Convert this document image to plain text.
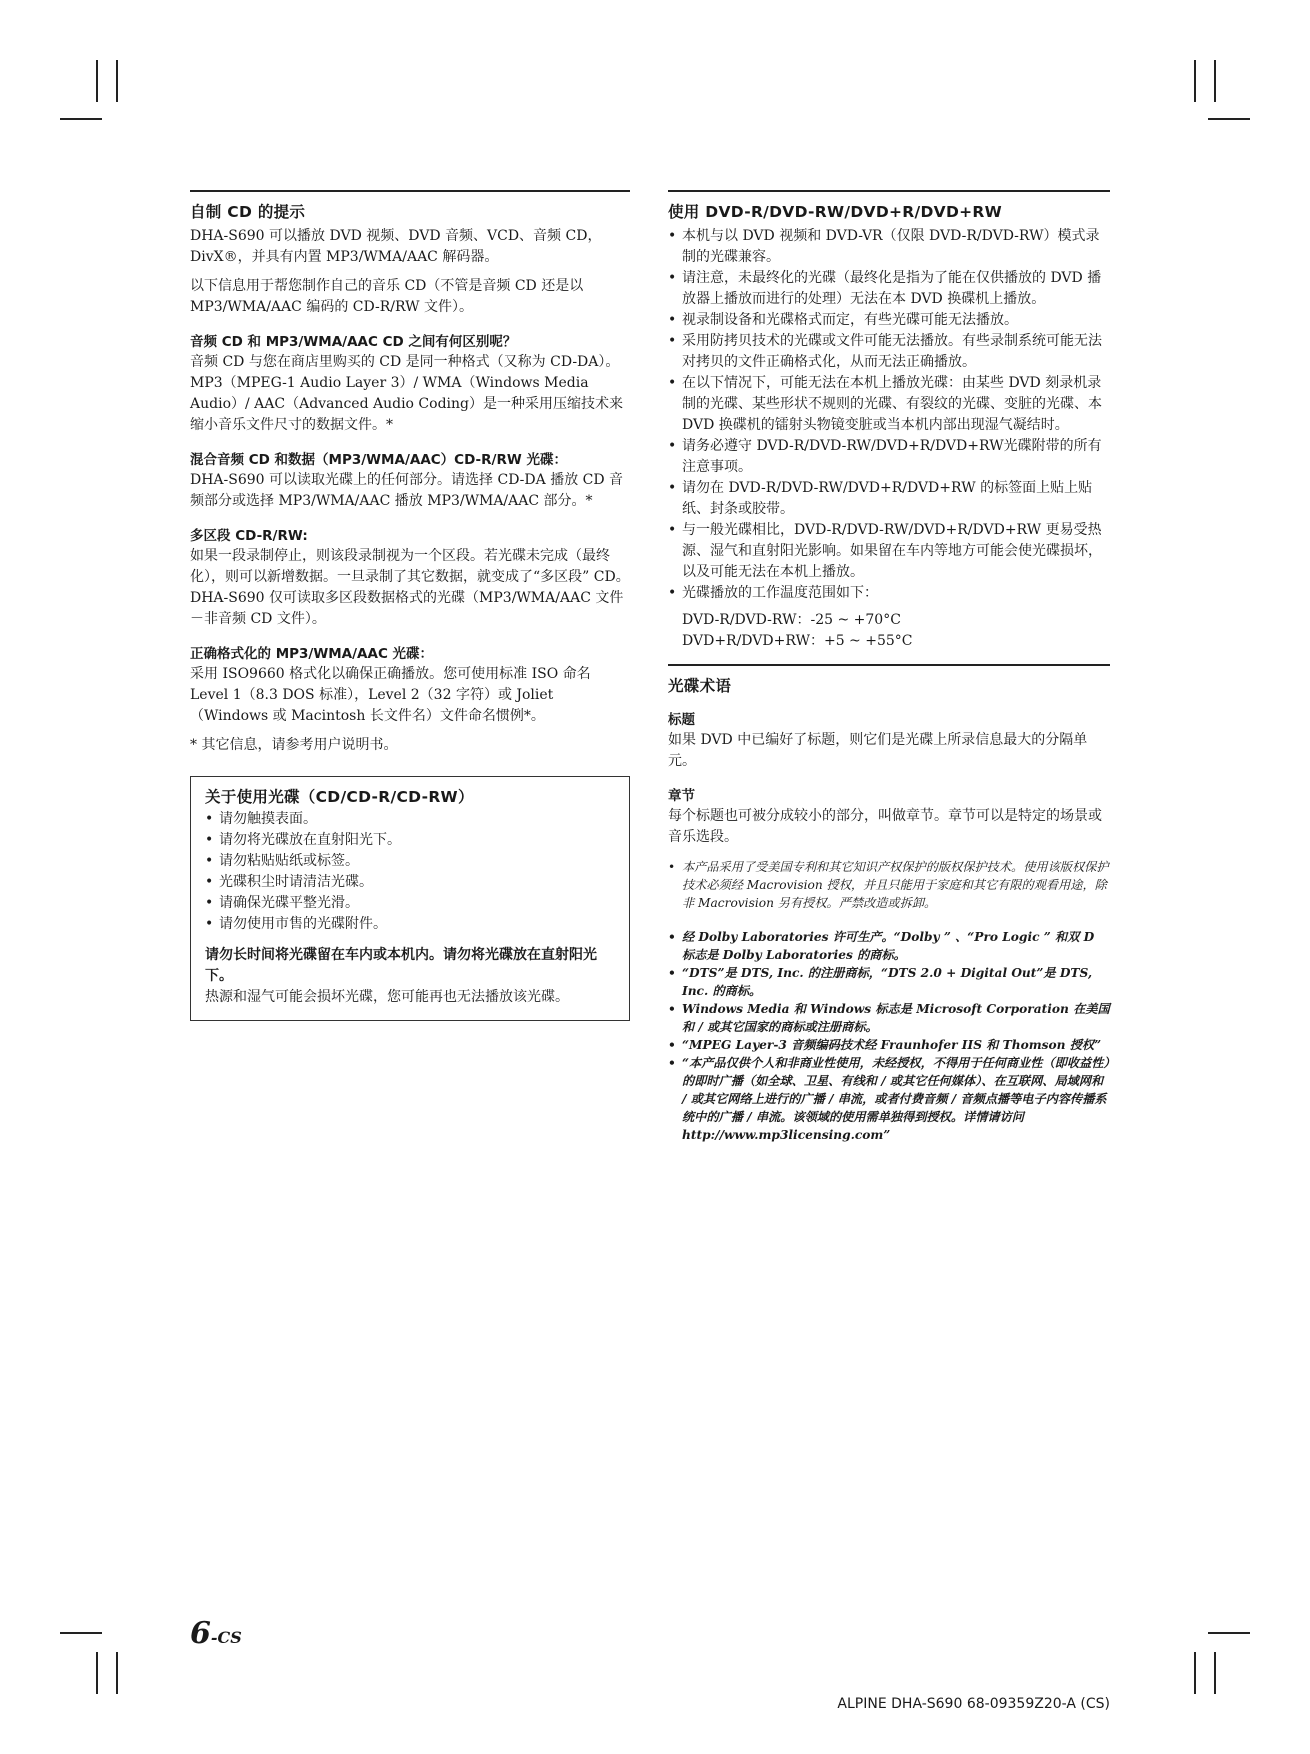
自制 CD 的提示

DHA-S690 可以播放 DVD 视频、DVD 音频、VCD、音频 CD，DivX®，并具有内置 MP3/WMA/AAC 解码器。

以下信息用于帮您制作自己的音乐 CD（不管是音频 CD 还是以 MP3/WMA/AAC 编码的 CD-R/RW 文件）。

音频 CD 和 MP3/WMA/AAC CD 之间有何区别呢？

音频 CD 与您在商店里购买的 CD 是同一种格式（又称为 CD-DA）。MP3（MPEG-1 Audio Layer 3）/ WMA（Windows Media Audio）/ AAC（Advanced Audio Coding）是一种采用压缩技术来缩小音乐文件尺寸的数据文件。*

混合音频 CD 和数据（MP3/WMA/AAC）CD-R/RW 光碟：

DHA-S690 可以读取光碟上的任何部分。请选择 CD-DA 播放 CD 音频部分或选择 MP3/WMA/AAC 播放 MP3/WMA/AAC 部分。*

多区段 CD-R/RW:

如果一段录制停止，则该段录制视为一个区段。若光碟未完成（最终化），则可以新增数据。一旦录制了其它数据，就变成了“多区段” CD。DHA-S690 仅可读取多区段数据格式的光碟（MP3/WMA/AAC 文件－非音频 CD 文件）。

正确格式化的 MP3/WMA/AAC 光碟：

采用 ISO9660 格式化以确保正确播放。您可使用标准 ISO 命名 Level 1（8.3 DOS 标准），Level 2（32 字符）或 Joliet（Windows 或 Macintosh 长文件名）文件命名惯例*。

* 其它信息，请参考用户说明书。

关于使用光碟（CD/CD-R/CD-RW）
• 请勿触摸表面。
• 请勿将光碟放在直射阳光下。
• 请勿粘贴贴纸或标签。
• 光碟积尘时请清洁光碟。
• 请确保光碟平整光滑。
• 请勿使用市售的光碟附件。
请勿长时间将光碟留在车内或本机内。请勿将光碟放在直射阳光下。

热源和湿气可能会损坏光碟，您可能再也无法播放该光碟。

使用 DVD-R/DVD-RW/DVD+R/DVD+RW
• 本机与以 DVD 视频和 DVD-VR（仅限 DVD-R/DVD-RW）模式录制的光碟兼容。
• 请注意，未最终化的光碟（最终化是指为了能在仅供播放的 DVD 播放器上播放而进行的处理）无法在本 DVD 换碟机上播放。
• 视录制设备和光碟格式而定，有些光碟可能无法播放。
• 采用防拷贝技术的光碟或文件可能无法播放。有些录制系统可能无法对拷贝的文件正确格式化，从而无法正确播放。
• 在以下情况下，可能无法在本机上播放光碟：由某些 DVD 刻录机录制的光碟、某些形状不规则的光碟、有裂纹的光碟、变脏的光碟、本 DVD 换碟机的镭射头物镜变脏或当本机内部出现湿气凝结时。
• 请务必遵守 DVD-R/DVD-RW/DVD+R/DVD+RW光碟附带的所有注意事项。
• 请勿在 DVD-R/DVD-RW/DVD+R/DVD+RW 的标签面上贴上贴纸、封条或胶带。
• 与一般光碟相比，DVD-R/DVD-RW/DVD+R/DVD+RW 更易受热源、湿气和直射阳光影响。如果留在车内等地方可能会使光碟损坏，以及可能无法在本机上播放。
• 光碟播放的工作温度范围如下：

DVD-R/DVD-RW：-25 ~ +70°C

DVD+R/DVD+RW：+5 ~ +55°C

光碟术语
标题

如果 DVD 中已编好了标题，则它们是光碟上所录信息最大的分隔单元。

章节

每个标题也可被分成较小的部分，叫做章节。章节可以是特定的场景或音乐选段。

• 本产品采用了受美国专利和其它知识产权保护的版权保护技术。使用该版权保护技术必须经 Macrovision 授权，并且只能用于家庭和其它有限的观看用途，除非 Macrovision 另有授权。严禁改造或拆卸。
• 经 Dolby Laboratories 许可生产。“Dolby ” 、“Pro Logic ” 和双 D 标志是 Dolby Laboratories 的商标。
• “DTS”是 DTS, Inc. 的注册商标，“DTS 2.0 + Digital Out”是 DTS, Inc. 的商标。
• Windows Media 和 Windows 标志是 Microsoft Corporation 在美国和 / 或其它国家的商标或注册商标。
• “MPEG Layer-3 音频编码技术经 Fraunhofer IIS 和 Thomson 授权”
• “本产品仅供个人和非商业性使用，未经授权，不得用于任何商业性（即收益性）的即时广播（如全球、卫星、有线和 / 或其它任何媒体）、在互联网、局域网和 / 或其它网络上进行的广播 / 串流，或者付费音频 / 音频点播等电子内容传播系统中的广播 / 串流。该领域的使用需单独得到授权。详情请访问 http://www.mp3licensing.com”
6-CS
ALPINE DHA-S690 68-09359Z20-A (CS)
